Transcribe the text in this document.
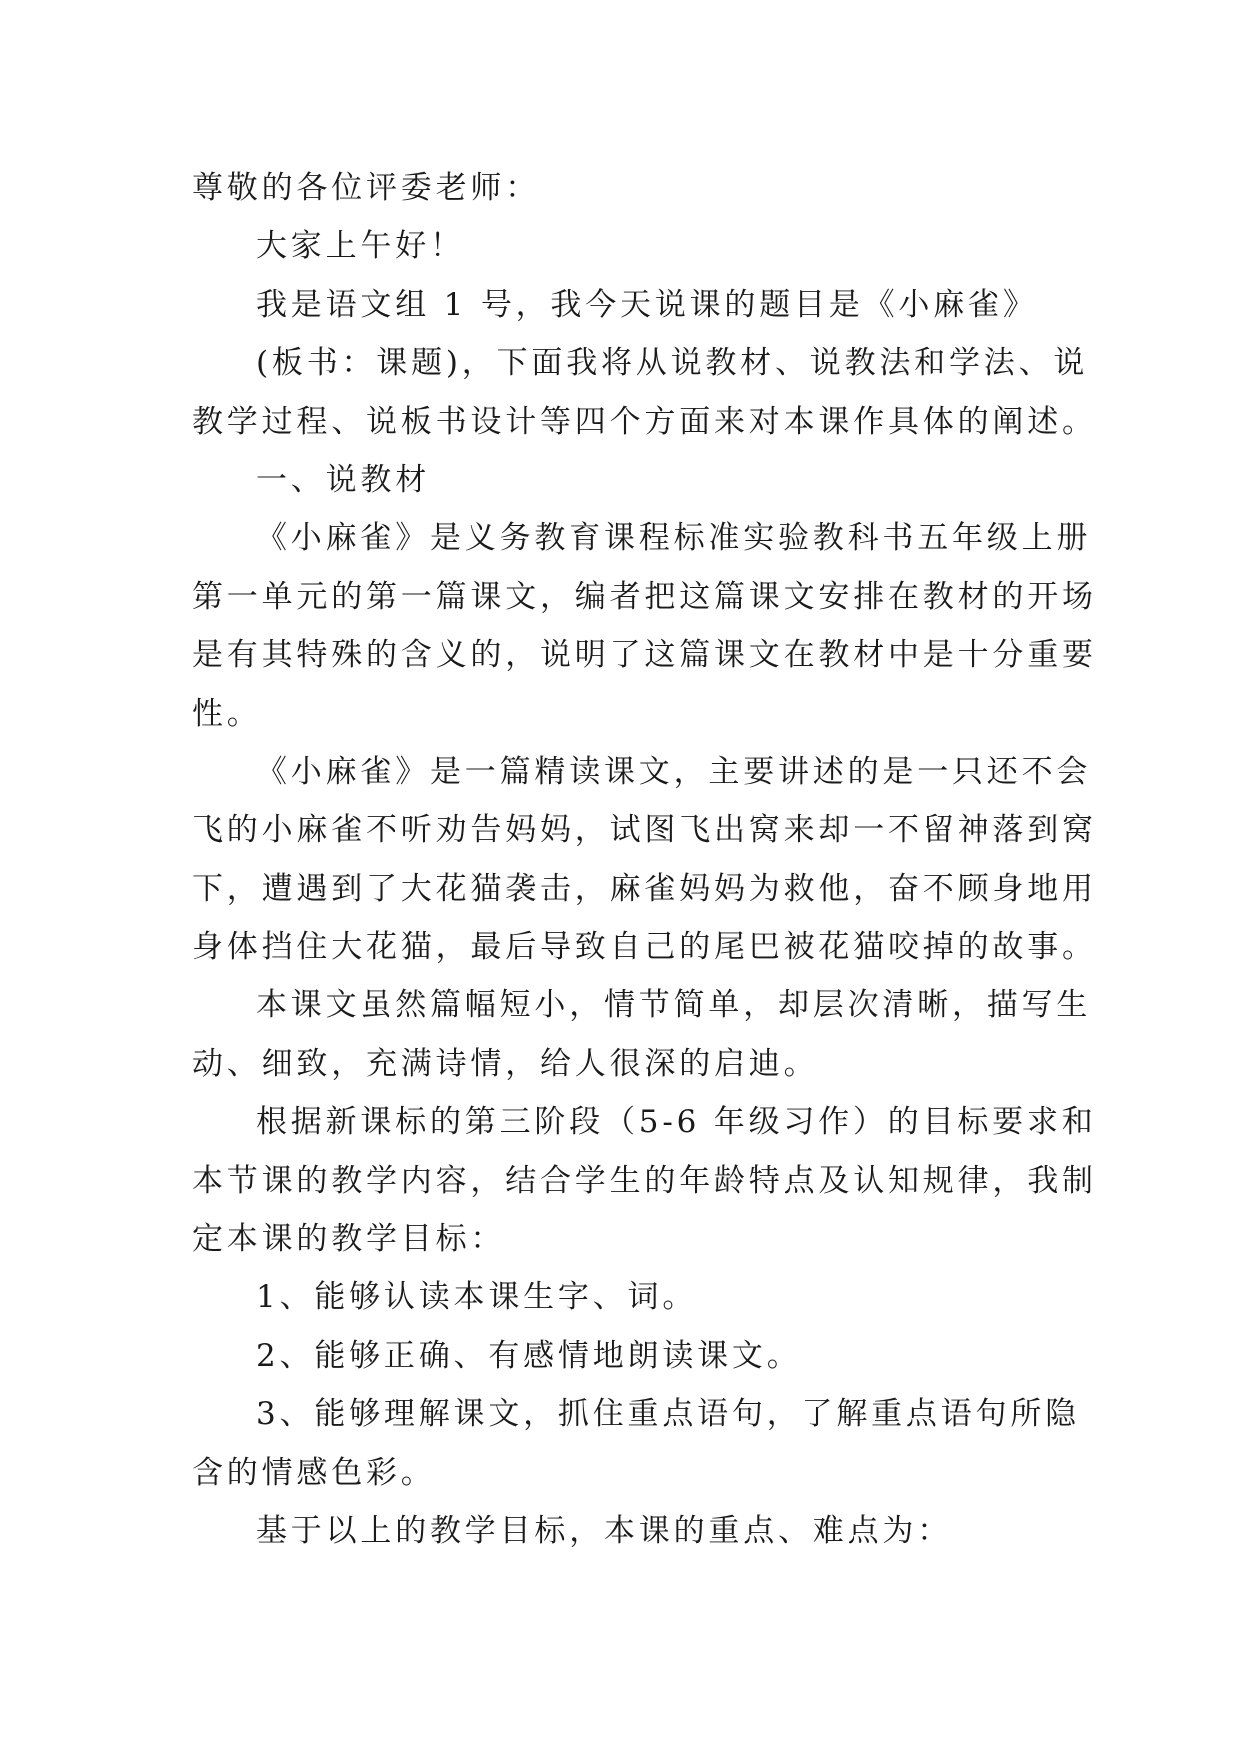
尊敬的各位评委老师：
大家上午好！
我是语文组 1 号，我今天说课的题目是《小麻雀》
(板书：课题)，下面我将从说教材、说教法和学法、说
教学过程、说板书设计等四个方面来对本课作具体的阐述。
一、说教材
《小麻雀》是义务教育课程标准实验教科书五年级上册
第一单元的第一篇课文，编者把这篇课文安排在教材的开场
是有其特殊的含义的，说明了这篇课文在教材中是十分重要
性。
《小麻雀》是一篇精读课文，主要讲述的是一只还不会
飞的小麻雀不听劝告妈妈，试图飞出窝来却一不留神落到窝
下，遭遇到了大花猫袭击，麻雀妈妈为救他，奋不顾身地用
身体挡住大花猫，最后导致自己的尾巴被花猫咬掉的故事。
本课文虽然篇幅短小，情节简单，却层次清晰，描写生
动、细致，充满诗情，给人很深的启迪。
根据新课标的第三阶段（5-6 年级习作）的目标要求和
本节课的教学内容，结合学生的年龄特点及认知规律，我制
定本课的教学目标：
1、能够认读本课生字、词。
2、能够正确、有感情地朗读课文。
3、能够理解课文，抓住重点语句，了解重点语句所隐
含的情感色彩。
基于以上的教学目标，本课的重点、难点为：
